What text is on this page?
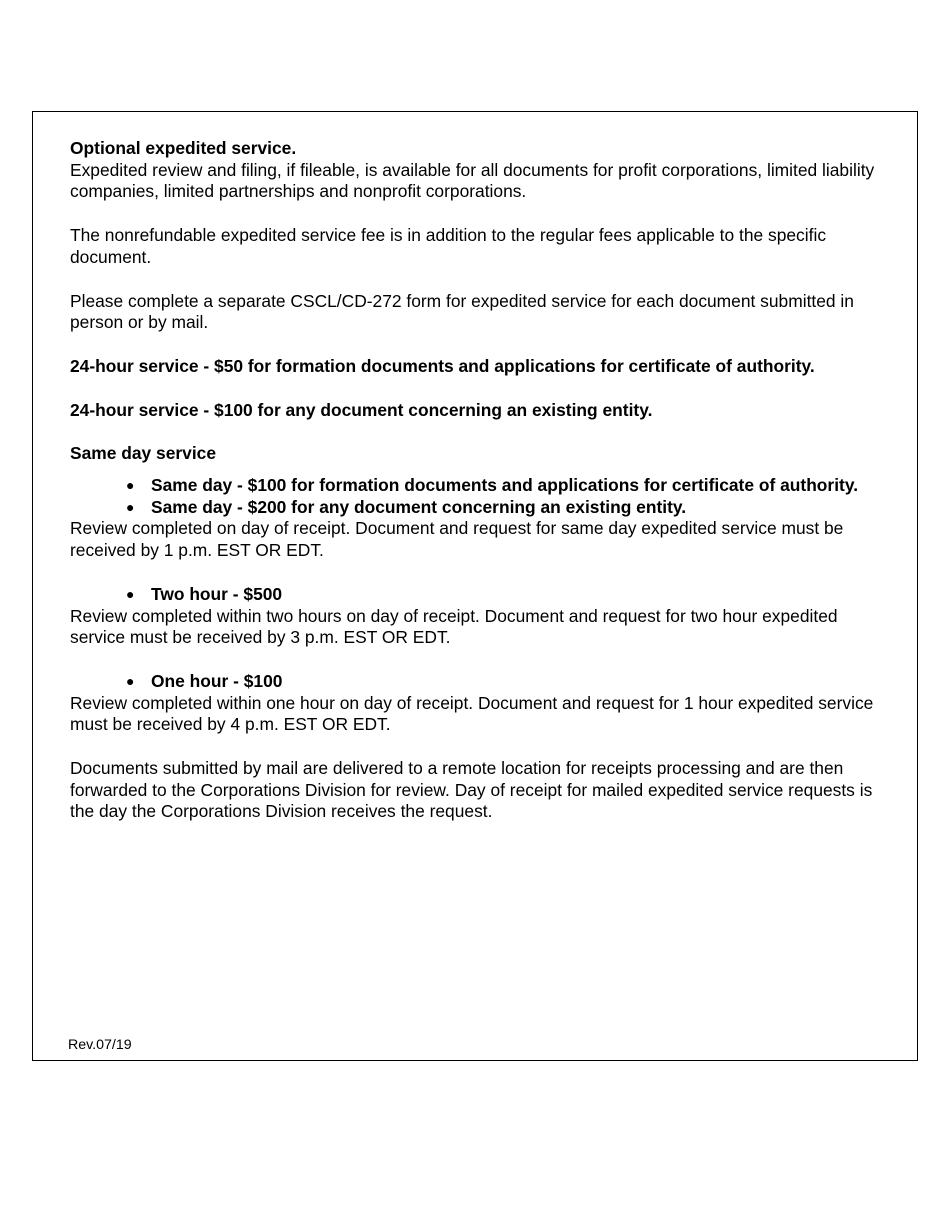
Optional expedited service.

Expedited review and filing, if fileable, is available for all documents for profit corporations, limited liability companies, limited partnerships and nonprofit corporations.

The nonrefundable expedited service fee is in addition to the regular fees applicable to the specific document.

Please complete a separate CSCL/CD-272 form for expedited service for each document submitted in person or by mail.

24-hour service - $50 for formation documents and applications for certificate of authority.

24-hour service - $100 for any document concerning an existing entity.

Same day service

● Same day - $100 for formation documents and applications for certificate of authority.
● Same day - $200 for any document concerning an existing entity.

Review completed on day of receipt. Document and request for same day expedited service must be received by 1 p.m. EST OR EDT.

● Two hour - $500

Review completed within two hours on day of receipt. Document and request for two hour expedited service must be received by 3 p.m. EST OR EDT.

● One hour - $100

Review completed within one hour on day of receipt. Document and request for 1 hour expedited service must be received by 4 p.m. EST OR EDT.

Documents submitted by mail are delivered to a remote location for receipts processing and are then forwarded to the Corporations Division for review. Day of receipt for mailed expedited service requests is the day the Corporations Division receives the request.

Rev.07/19
